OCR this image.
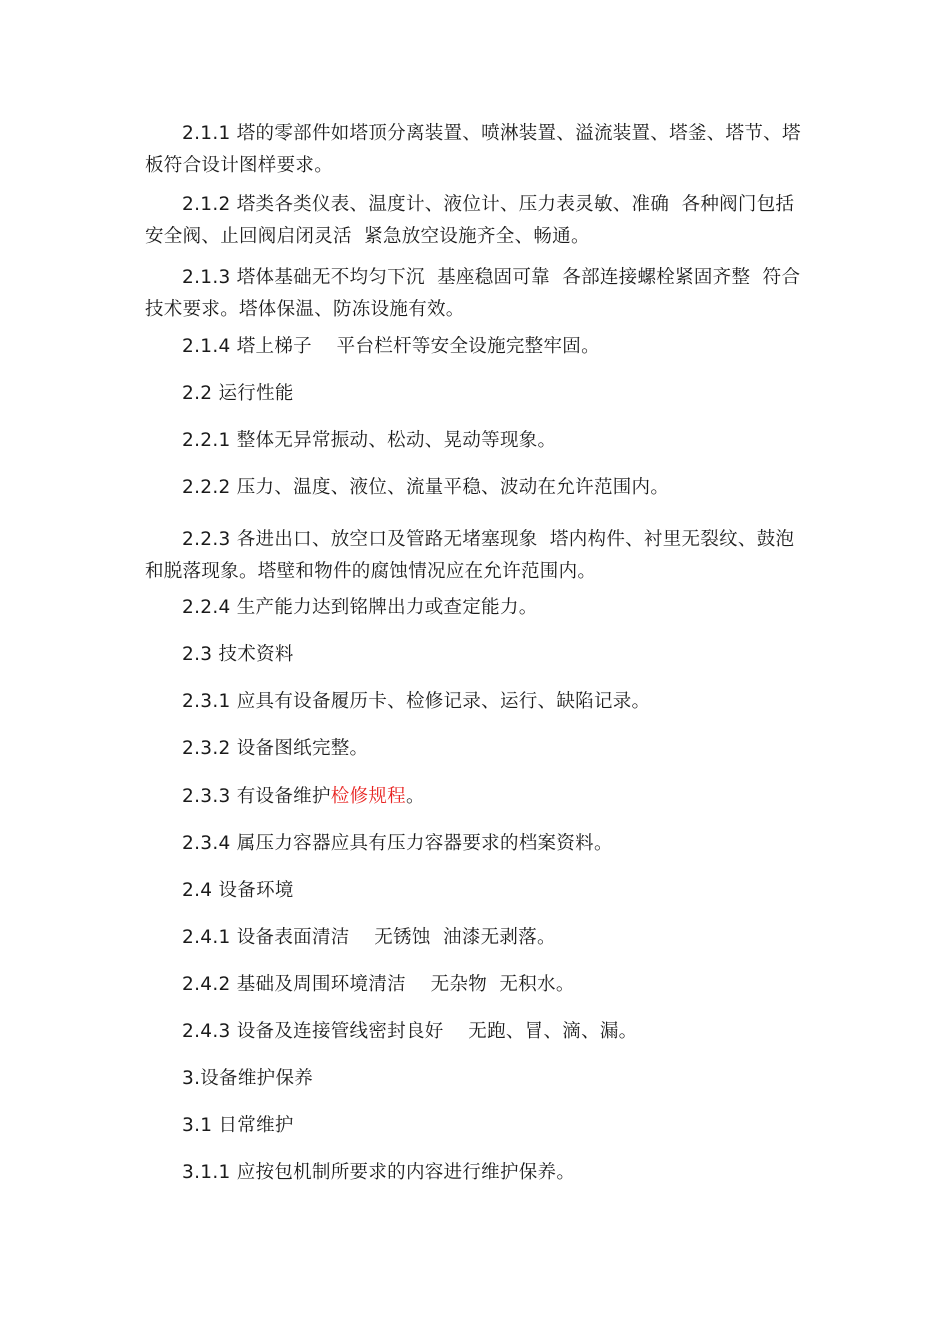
2.1.1 塔的零部件如塔顶分离装置、喷淋装置、溢流装置、塔釜、塔节、塔板符合设计图样要求。

2.1.2 塔类各类仪表、温度计、液位计、压力表灵敏、准确  各种阀门包括安全阀、止回阀启闭灵活  紧急放空设施齐全、畅通。

2.1.3 塔体基础无不均匀下沉  基座稳固可靠  各部连接螺栓紧固齐整  符合技术要求。塔体保温、防冻设施有效。

2.1.4 塔上梯子    平台栏杆等安全设施完整牢固。

2.2 运行性能

2.2.1 整体无异常振动、松动、晃动等现象。

2.2.2 压力、温度、液位、流量平稳、波动在允许范围内。

2.2.3 各进出口、放空口及管路无堵塞现象  塔内构件、衬里无裂纹、鼓泡和脱落现象。塔壁和物件的腐蚀情况应在允许范围内。

2.2.4 生产能力达到铭牌出力或查定能力。

2.3 技术资料

2.3.1 应具有设备履历卡、检修记录、运行、缺陷记录。

2.3.2 设备图纸完整。

2.3.3 有设备维护检修规程。

2.3.4 属压力容器应具有压力容器要求的档案资料。

2.4 设备环境

2.4.1 设备表面清洁    无锈蚀  油漆无剥落。

2.4.2 基础及周围环境清洁    无杂物  无积水。

2.4.3 设备及连接管线密封良好    无跑、冒、滴、漏。

3.设备维护保养

3.1 日常维护

3.1.1 应按包机制所要求的内容进行维护保养。
